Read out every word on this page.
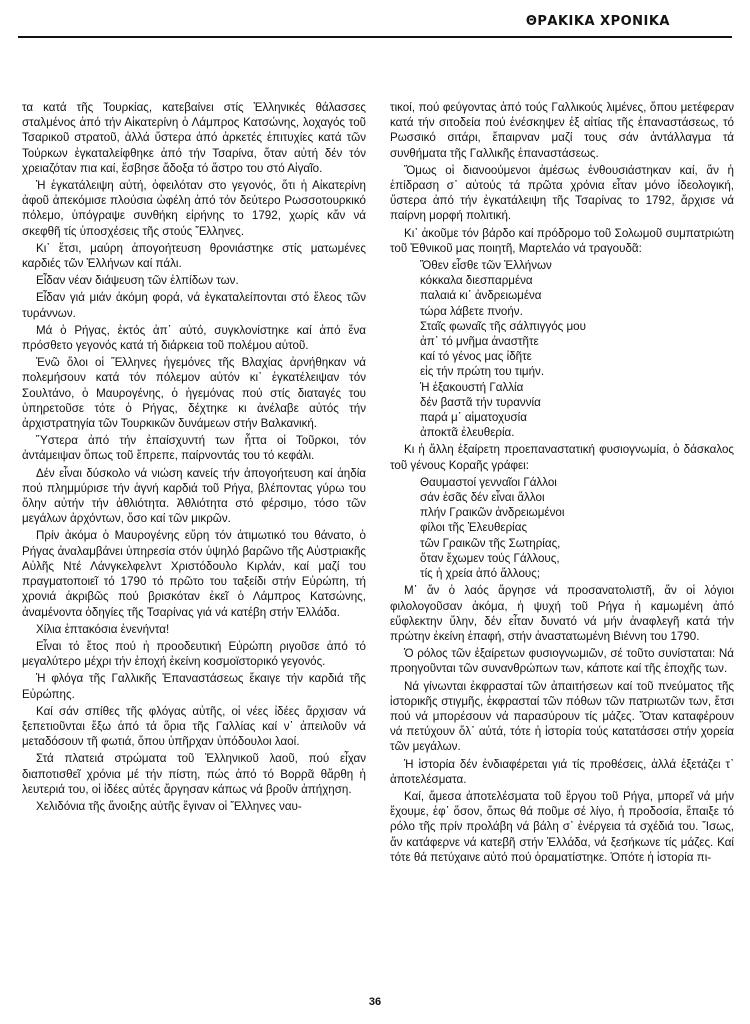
ΘΡΑΚΙΚΑ ΧΡΟΝΙΚΑ

τα κατά τῆς Τουρκίας, κατεβαίνει στίς Ἑλληνικές θάλασσες σταλμένος ἀπό τήν Αἰκατερίνη ὁ Λάμπρος Κατσώνης, λοχαγός τοῦ Τσαρικοῦ στρατοῦ, ἀλλά ὕστερα ἀπό ἀρκετές ἐπιτυχίες κατά τῶν Τούρκων ἐγκαταλείφθηκε ἀπό τήν Τσαρίνα, ὅταν αὐτή δέν τόν χρειαζόταν πια καί, ἔσβησε ἄδοξα τό ἄστρο του στό Αἰγαῖο.

Ἡ ἐγκατάλειψη αὐτή, ὀφειλόταν στο γεγονός, ὅτι ἡ Αἰκατερίνη ἀφοῦ ἀπεκόμισε πλούσια ὠφέλη ἀπό τόν δεύτερο Ρωσσοτουρκικό πόλεμο, ὑπόγραψε συνθήκη εἰρήνης το 1792, χωρίς κἄν νά σκεφθῆ τίς ὑποσχέσεις τῆς στούς Ἕλληνες.

Κι᾽ ἔτσι, μαύρη ἀπογοήτευση θρονιάστηκε στίς ματωμένες καρδιές τῶν Ἑλλήνων καί πάλι.

Εἶδαν νέαν διάψευση τῶν ἐλπίδων των.

Εἶδαν γιά μιάν ἀκόμη φορά, νά ἐγκαταλείπονται στό ἔλεος τῶν τυράννων.

Μά ὁ Ρήγας, ἐκτός ἀπ᾽ αὐτό, συγκλονίστηκε καί ἀπό ἕνα πρόσθετο γεγονός κατά τή διάρκεια τοῦ πολέμου αὐτοῦ.

Ἐνῶ ὅλοι οἱ Ἕλληνες ἡγεμόνες τῆς Βλαχίας ἀρνήθηκαν νά πολεμήσουν κατά τόν πόλεμον αὐτόν κι᾽ ἐγκατέλειψαν τόν Σουλτάνο, ὁ Μαυρογένης, ὁ ἡγεμόνας πού στίς διαταγές του ὑπηρετοῦσε τότε ὁ Ρήγας, δέχτηκε κι ἀνέλαβε αὐτός τήν ἀρχιστρατηγία τῶν Τουρκικῶν δυνάμεων στήν Βαλκανική.

Ὕστερα ἀπό τήν ἐπαίσχυντή των ἧττα οἱ Τοῦρκοι, τόν ἀντάμειψαν ὅπως τοῦ ἔπρεπε, παίρνοντάς του τό κεφάλι.

Δέν εἶναι δύσκολο νά νιώση κανείς τήν ἀπογοήτευση καί ἀηδία πού πλημμύρισε τήν ἁγνή καρδιά τοῦ Ρήγα, βλέποντας γύρω του ὅλην αὐτήν τήν ἀθλιότητα. Ἀθλιότητα στό φέρσιμο, τόσο τῶν μεγάλων ἀρχόντων, ὅσο καί τῶν μικρῶν.

Πρίν ἀκόμα ὁ Μαυρογένης εὕρη τόν ἀτιμωτικό του θάνατο, ὁ Ρήγας ἀναλαμβάνει ὑπηρεσία στόν ὑψηλό βαρῶνο τῆς Αὐστριακῆς Αὐλῆς Ντέ Λάνγκελφελντ Χριστόδουλο Κιρλάν, καί μαζί του πραγματοποιεῖ τό 1790 τό πρῶτο του ταξείδι στήν Εὐρώπη, τή χρονιά ἀκριβῶς πού βρισκόταν ἐκεῖ ὁ Λάμπρος Κατσώνης, ἀναμένοντα ὁδηγίες τῆς Τσαρίνας γιά νά κατέβη στήν Ἑλλάδα.

Χίλια ἑπτακόσια ἐνενήντα!

Εἶναι τό ἔτος πού ἡ προοδευτική Εὐρώπη ριγοῦσε ἀπό τό μεγαλύτερο μέχρι τήν ἐποχή ἐκείνη κοσμοϊστορικό γεγονός.

Ἡ φλόγα τῆς Γαλλικῆς Ἐπαναστάσεως ἔκαιγε τήν καρδιά τῆς Εὐρώπης.

Καί σάν σπίθες τῆς φλόγας αὐτῆς, οἱ νέες ἰδέες ἄρχισαν νά ξεπετιοῦνται ἔξω ἀπό τά ὅρια τῆς Γαλλίας καί ν᾽ ἀπειλοῦν νά μεταδόσουν τῆ φωτιά, ὅπου ὑπῆρχαν ὑπόδουλοι λαοί.

Στά πλατειά στρώματα τοῦ Ἑλληνικοῦ λαοῦ, πού εἶχαν διαποτισθεῖ χρόνια μέ τήν πίστη, πώς ἀπό τό Βορρᾶ θἄρθη ἡ λευτεριά του, οἱ ἰδέες αὐτές ἄργησαν κάπως νά βροῦν ἀπήχηση.

Χελιδόνια τῆς ἄνοιξης αὐτῆς ἔγιναν οἱ Ἕλληνες ναυ-

τικοί, πού φεύγοντας ἀπό τούς Γαλλικούς λιμένες, ὅπου μετέφεραν κατά τήν σιτοδεία πού ἐνέσκηψεν ἐξ αἰτίας τῆς ἐπαναστάσεως, τό Ρωσσικό σιτάρι, ἔπαιρναν μαζί τους σάν ἀντάλλαγμα τά συνθήματα τῆς Γαλλικῆς ἐπαναστάσεως.

Ὅμως οἱ διανοούμενοι ἀμέσως ἐνθουσιάστηκαν καί, ἄν ἡ ἐπίδραση σ᾽ αὐτούς τά πρῶτα χρόνια εἶταν μόνο ἰδεολογική, ὕστερα ἀπό τήν ἐγκατάλειψη τῆς Τσαρίνας το 1792, ἄρχισε νά παίρνη μορφή πολιτική.

Κι᾽ ἀκοῦμε τόν βάρδο καί πρόδρομο τοῦ Σολωμοῦ συμπατριώτη τοῦ Ἐθνικοῦ μας ποιητῆ, Μαρτελάο νά τραγουδᾶ:

Ὅθεν εἶσθε τῶν Ἑλλήνων
κόκκαλα διεσπαρμένα
παλαιά κι᾽ ἀνδρειωμένα
τώρα λάβετε πνοήν.
Σταῖς φωναῖς τῆς σάλπιγγός μου
ἀπ᾽ τό μνῆμα ἀναστῆτε
καί τό γένος μας ἰδῆτε
εἰς τήν πρώτη του τιμήν.
Ἡ ἐξακουστή Γαλλία
δέν βαστᾶ τήν τυραννία
παρά μ᾽ αἱματοχυσία
ἀποκτᾶ ἐλευθερία.

Κι ἡ ἄλλη ἐξαίρετη προεπαναστατική φυσιογνωμία, ὁ δάσκαλος τοῦ γένους Κοραῆς γράφει:

Θαυμαστοί γενναῖοι Γάλλοι
σάν ἐσᾶς δέν εἶναι ἄλλοι
πλήν Γραικῶν ἀνδρειωμένοι
φίλοι τῆς Ἐλευθερίας
τῶν Γραικῶν τῆς Σωτηρίας,
ὅταν ἔχωμεν τούς Γάλλους,
τίς ἡ χρεία ἀπό ἄλλους;

Μ᾽ ἄν ὁ λαός ἄργησε νά προσανατολιστῆ, ἄν οἱ λόγιοι φιλολογοῦσαν ἀκόμα, ἡ ψυχή τοῦ Ρήγα ἡ καμωμένη ἀπό εὔφλεκτην ὕλην, δέν εἶταν δυνατό νά μήν ἀναφλεγῆ κατά τήν πρώτην ἐκείνη ἐπαφή, στήν ἀναστατωμένη Βιέννη του 1790.

Ὁ ρόλος τῶν ἐξαίρετων φυσιογνωμιῶν, σέ τοῦτο συνίσταται: Νά προηγοῦνται τῶν συνανθρώπων των, κάποτε καί τῆς ἐποχῆς των.

Νά γίνωνται ἐκφρασταί τῶν ἀπαιτήσεων καί τοῦ πνεύματος τῆς ἱστορικῆς στιγμῆς, ἐκφρασταί τῶν πόθων τῶν πατριωτῶν των, ἔτσι πού νά μπορέσουν νά παρασύρουν τίς μάζες. Ὅταν καταφέρουν νά πετύχουν ὅλ᾽ αὐτά, τότε ἡ ἱστορία τούς κατατάσσει στήν χορεία τῶν μεγάλων.

Ἡ ἱστορία δέν ἐνδιαφέρεται γιά τίς προθέσεις, ἀλλά ἐξετάζει τ᾽ ἀποτελέσματα.

Καί, ἄμεσα ἀποτελέσματα τοῦ ἔργου τοῦ Ρήγα, μπορεῖ νά μήν ἔχουμε, ἐφ᾽ ὅσον, ὅπως θά ποῦμε σέ λίγο, ἡ προδοσία, ἔπαιξε τό ρόλο τῆς πρίν προλάβη νά βάλη σ᾽ ἐνέργεια τά σχέδιά του. Ἴσως, ἄν κατάφερνε νά κατεβῆ στήν Ἑλλάδα, νά ξεσήκωνε τίς μάζες. Καί τότε θά πετύχαινε αὐτό πού ὁραματίστηκε. Ὁπότε ἡ ἱστορία πι-

36
